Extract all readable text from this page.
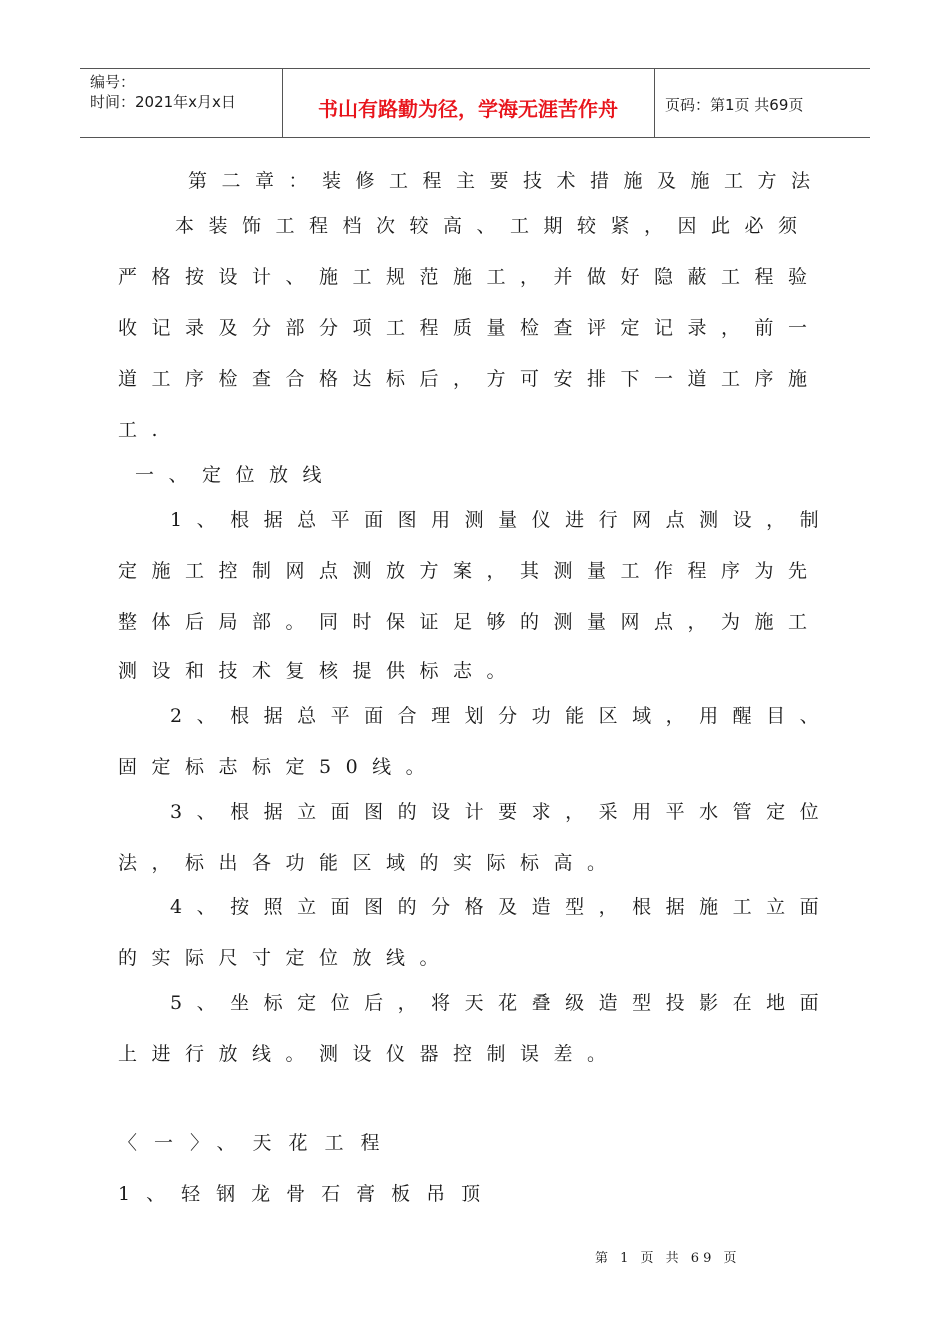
编号：
时间：2021年x月x日	书山有路勤为径，学海无涯苦作舟	页码：第1页 共69页
第二章：装修工程主要技术措施及施工方法
本装饰工程档次较高、工期较紧，因此必须
严格按设计、施工规范施工，并做好隐蔽工程验
收记录及分部分项工程质量检查评定记录，前一
道工序检查合格达标后，方可安排下一道工序施
工.
一、定位放线
1、根据总平面图用测量仪进行网点测设，制
定施工控制网点测放方案，其测量工作程序为先
整体后局部。同时保证足够的测量网点，为施工
测设和技术复核提供标志。
2、根据总平面合理划分功能区域，用醒目、
固定标志标定50线。
3、根据立面图的设计要求，采用平水管定位
法，标出各功能区域的实际标高。
4、按照立面图的分格及造型，根据施工立面
的实际尺寸定位放线。
5、坐标定位后，将天花叠级造型投影在地面
上进行放线。测设仪器控制误差。
〈一〉、天花工程
1、轻钢龙骨石膏板吊顶
第 1 页 共 69 页
